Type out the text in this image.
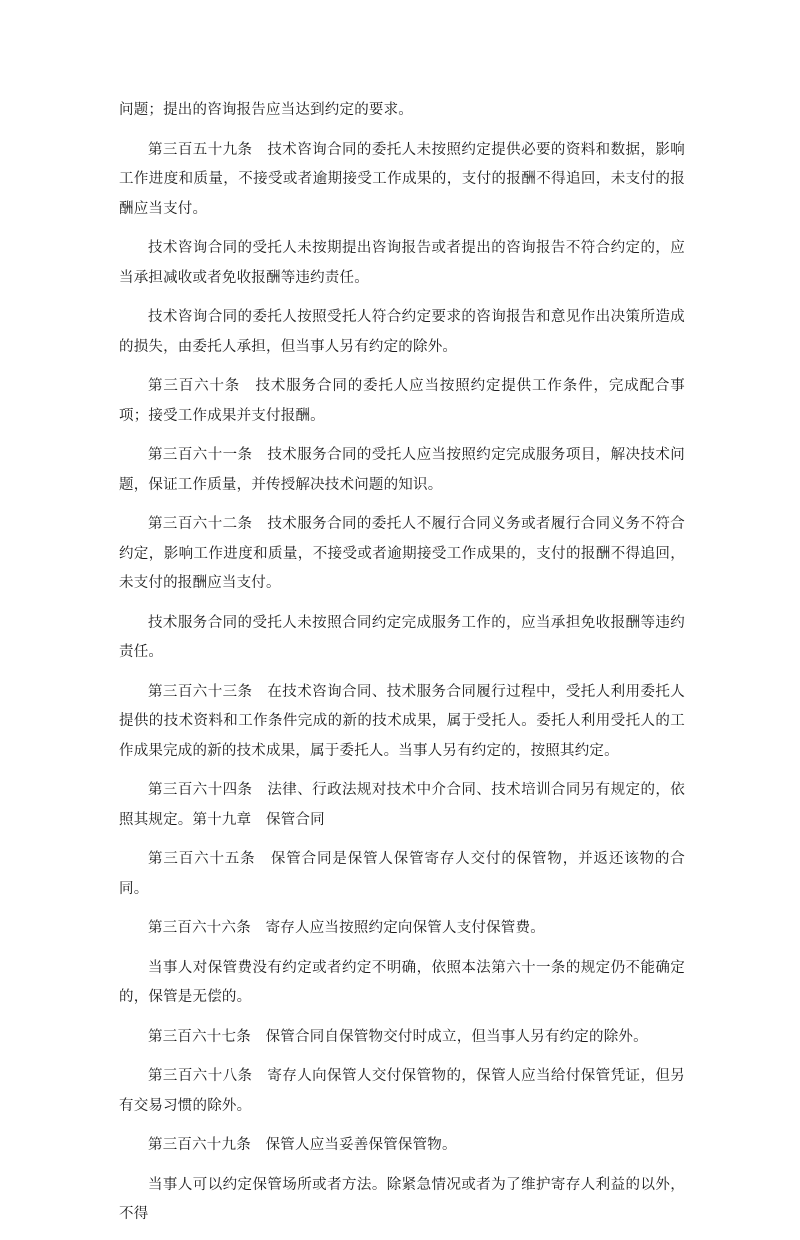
问题；提出的咨询报告应当达到约定的要求。

第三百五十九条　技术咨询合同的委托人未按照约定提供必要的资料和数据，影响工作进度和质量，不接受或者逾期接受工作成果的，支付的报酬不得追回，未支付的报酬应当支付。

技术咨询合同的受托人未按期提出咨询报告或者提出的咨询报告不符合约定的，应当承担减收或者免收报酬等违约责任。

技术咨询合同的委托人按照受托人符合约定要求的咨询报告和意见作出决策所造成的损失，由委托人承担，但当事人另有约定的除外。

第三百六十条　技术服务合同的委托人应当按照约定提供工作条件，完成配合事项；接受工作成果并支付报酬。

第三百六十一条　技术服务合同的受托人应当按照约定完成服务项目，解决技术问题，保证工作质量，并传授解决技术问题的知识。

第三百六十二条　技术服务合同的委托人不履行合同义务或者履行合同义务不符合约定，影响工作进度和质量，不接受或者逾期接受工作成果的，支付的报酬不得追回，未支付的报酬应当支付。

技术服务合同的受托人未按照合同约定完成服务工作的，应当承担免收报酬等违约责任。

第三百六十三条　在技术咨询合同、技术服务合同履行过程中，受托人利用委托人提供的技术资料和工作条件完成的新的技术成果，属于受托人。委托人利用受托人的工作成果完成的新的技术成果，属于委托人。当事人另有约定的，按照其约定。

第三百六十四条　法律、行政法规对技术中介合同、技术培训合同另有规定的，依照其规定。第十九章　保管合同

第三百六十五条　保管合同是保管人保管寄存人交付的保管物，并返还该物的合同。

第三百六十六条　寄存人应当按照约定向保管人支付保管费。

当事人对保管费没有约定或者约定不明确，依照本法第六十一条的规定仍不能确定的，保管是无偿的。

第三百六十七条　保管合同自保管物交付时成立，但当事人另有约定的除外。

第三百六十八条　寄存人向保管人交付保管物的，保管人应当给付保管凭证，但另有交易习惯的除外。

第三百六十九条　保管人应当妥善保管保管物。

当事人可以约定保管场所或者方法。除紧急情况或者为了维护寄存人利益的以外，不得
